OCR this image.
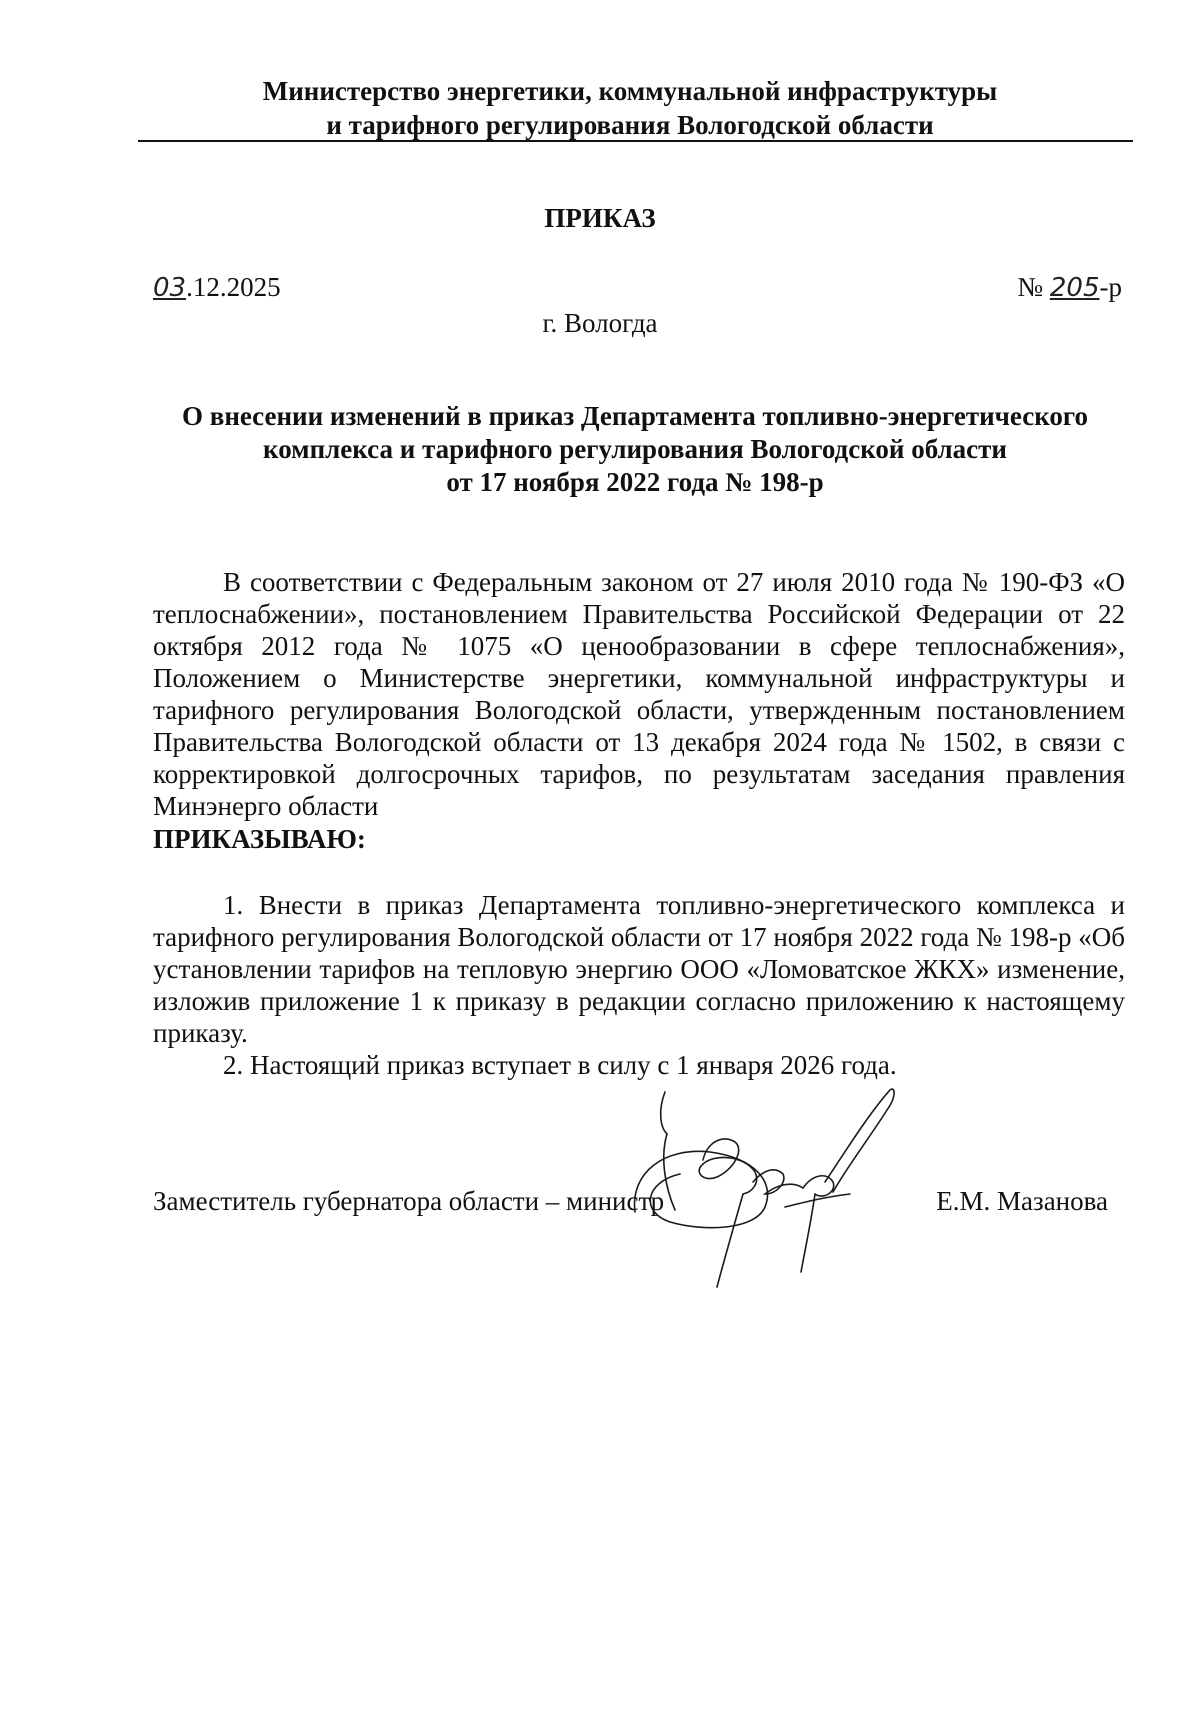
Министерство энергетики, коммунальной инфраструктуры
и тарифного регулирования Вологодской области
ПРИКАЗ
03.12.2025	№ 205-р
г. Вологда
О внесении изменений в приказ Департамента топливно-энергетического
комплекса и тарифного регулирования Вологодской области
от 17 ноября 2022 года № 198-р

В соответствии с Федеральным законом от 27 июля 2010 года № 190-ФЗ «О теплоснабжении», постановлением Правительства Российской Федерации от 22 октября 2012 года № 1075 «О ценообразовании в сфере теплоснабжения», Положением о Министерстве энергетики, коммунальной инфраструктуры и тарифного регулирования Вологодской области, утвержденным постановлением Правительства Вологодской области от 13 декабря 2024 года № 1502, в связи с корректировкой долгосрочных тарифов, по результатам заседания правления Минэнерго области

ПРИКАЗЫВАЮ:

1. Внести в приказ Департамента топливно-энергетического комплекса и тарифного регулирования Вологодской области от 17 ноября 2022 года № 198-р «Об установлении тарифов на тепловую энергию ООО «Ломоватское ЖКХ» изменение, изложив приложение 1 к приказу в редакции согласно приложению к настоящему приказу.

2. Настоящий приказ вступает в силу с 1 января 2026 года.

Заместитель губернатора области – министр	Е.М. Мазанова
